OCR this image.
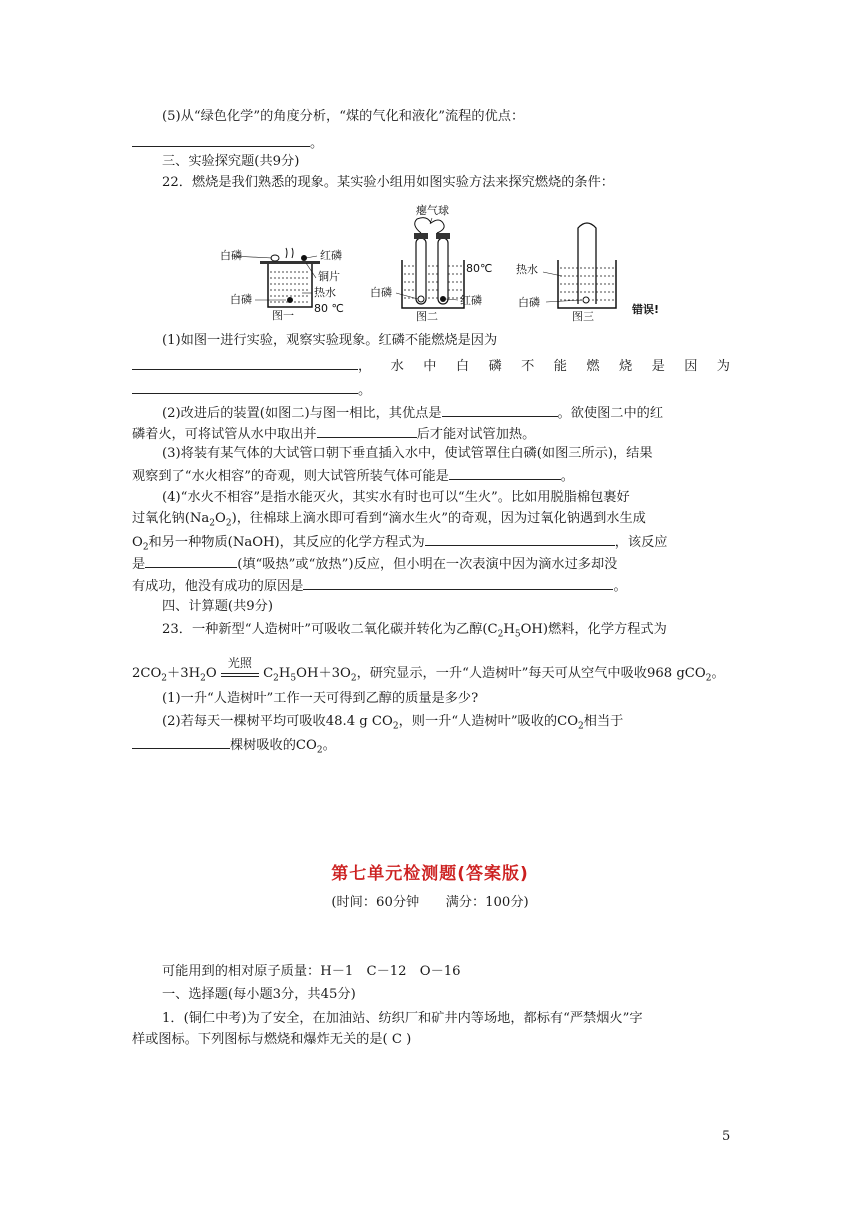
(5)从“绿色化学”的角度分析，“煤的气化和液化”流程的优点：
。
三、实验探究题(共9分)
22．燃烧是我们熟悉的现象。某实验小组用如图实验方法来探究燃烧的条件：
白磷	红磷
铜片
热水
80 ℃
白磷
图一
瘪气球
80℃
白磷
红磷
图二
热水
白磷
图三
错误!
(1)如图一进行实验，观察实验现象。红磷不能燃烧是因为
，水中白磷不能燃烧是因为
。
(2)改进后的装置(如图二)与图一相比，其优点是	。欲使图二中的红
磷着火，可将试管从水中取出并	后才能对试管加热。
(3)将装有某气体的大试管口朝下垂直插入水中，使试管罩住白磷(如图三所示)，结果
观察到了“水火相容”的奇观，则大试管所装气体可能是	。
(4)“水火不相容”是指水能灭火，其实水有时也可以“生火”。比如用脱脂棉包裹好
过氧化钠$(Na_2O_2)$，往棉球上滴水即可看到“滴水生火”的奇观，因为过氧化钠遇到水生成
$O_2$和另一种物质(NaOH)，其反应的化学方程式为	，该反应
是	(填“吸热”或“放热”)反应，但小明在一次表演中因为滴水过多却没
有成功，他没有成功的原因是	。
四、计算题(共9分)
23．一种新型“人造树叶”可吸收二氧化碳并转化为乙醇$(C_2H_5OH)$燃料，化学方程式为
$2CO_2+3H_2O$
光照
$C_2H_5OH+3O_2$，研究显示，一升“人造树叶”每天可从空气中吸收968 gCO$_2$。
(1)一升“人造树叶”工作一天可得到乙醇的质量是多少?
(2)若每天一棵树平均可吸收48.4 g $CO_2$，则一升“人造树叶”吸收的$CO_2$相当于
棵树吸收的$CO_2$。
第七单元检测题(答案版)
(时间：60分钟　　满分：100分)
可能用到的相对原子质量：H－1　C－12　O－16
一、选择题(每小题3分，共45分)
1．(铜仁中考)为了安全，在加油站、纺织厂和矿井内等场地，都标有“严禁烟火”字
样或图标。下列图标与燃烧和爆炸无关的是( C )
5
